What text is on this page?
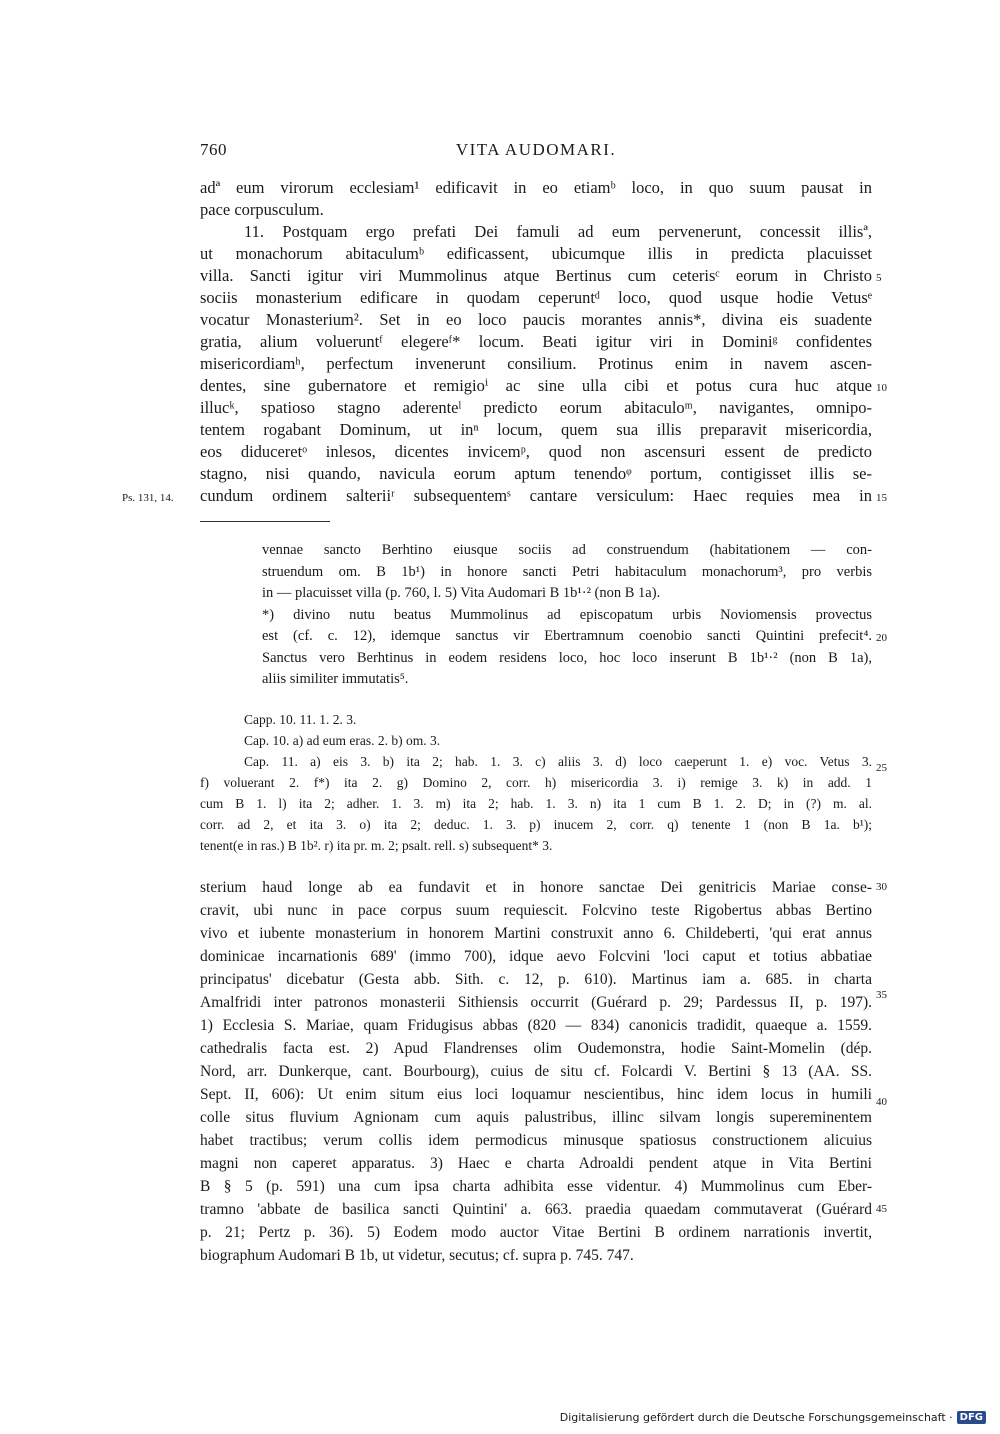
760	VITA AUDOMARI.
adª eum virorum ecclesiam¹ edificavit in eo etiamᵇ loco, in quo suum pausat in
pace corpusculum.
11. Postquam ergo prefati Dei famuli ad eum pervenerunt, concessit illisª,
ut monachorum abitaculumᵇ edificassent, ubicumque illis in predicta placuisset
villa. Sancti igitur viri Mummolinus atque Bertinus cum ceterisᶜ eorum in Christo
sociis monasterium edificare in quodam ceperuntᵈ loco, quod usque hodie Vetusᵉ
vocatur Monasterium². Set in eo loco paucis morantes annis*, divina eis suadente
gratia, alium volueruntᶠ elegereᶠ* locum. Beati igitur viri in Dominiᵍ confidentes
misericordiamʰ, perfectum invenerunt consilium. Protinus enim in navem ascen-
dentes, sine gubernatore et remigioⁱ ac sine ulla cibi et potus cura huc atque
illucᵏ, spatioso stagno aderenteˡ predicto eorum abitaculoᵐ, navigantes, omnipo-
tentem rogabant Dominum, ut inⁿ locum, quem sua illis preparavit misericordia,
eos diduceretᵒ inlesos, dicentes invicemᵖ, quod non ascensuri essent de predicto
stagno, nisi quando, navicula eorum aptum tenendoᵠ portum, contigisset illis se-
cundum ordinem salteriiʳ subsequentemˢ cantare versiculum: Haec requies mea in
5
10
15
Ps. 131, 14.
vennae sancto Berhtino eiusque sociis ad construendum (habitationem — con-
struendum om. B 1b¹) in honore sancti Petri habitaculum monachorum³, pro verbis
in — placuisset villa (p. 760, l. 5) Vita Audomari B 1b¹·² (non B 1a).
*) divino nutu beatus Mummolinus ad episcopatum urbis Noviomensis provectus
est (cf. c. 12), idemque sanctus vir Ebertramnum coenobio sancti Quintini prefecit⁴.
Sanctus vero Berhtinus in eodem residens loco, hoc loco inserunt B 1b¹·² (non B 1a),
aliis similiter immutatis⁵.
20
25
Capp. 10. 11. 1. 2. 3.
Cap. 10. a) ad eum eras. 2. b) om. 3.
Cap. 11. a) eis 3. b) ita 2; hab. 1. 3. c) aliis 3. d) loco caeperunt 1. e) voc. Vetus 3.
f) voluerant 2. f*) ita 2. g) Domino 2, corr. h) misericordia 3. i) remige 3. k) in add. 1
cum B 1. l) ita 2; adher. 1. 3. m) ita 2; hab. 1. 3. n) ita 1 cum B 1. 2. D; in (?) m. al.
corr. ad 2, et ita 3. o) ita 2; deduc. 1. 3. p) inucem 2, corr. q) tenente 1 (non B 1a. b¹);
tenent(e in ras.) B 1b². r) ita pr. m. 2; psalt. rell. s) subsequent* 3.
sterium haud longe ab ea fundavit et in honore sanctae Dei genitricis Mariae conse-
cravit, ubi nunc in pace corpus suum requiescit. Folcvino teste Rigobertus abbas Bertino
vivo et iubente monasterium in honorem Martini construxit anno 6. Childeberti, 'qui erat annus
dominicae incarnationis 689' (immo 700), idque aevo Folcvini 'loci caput et totius abbatiae
principatus' dicebatur (Gesta abb. Sith. c. 12, p. 610). Martinus iam a. 685. in charta
Amalfridi inter patronos monasterii Sithiensis occurrit (Guérard p. 29; Pardessus II, p. 197).
1) Ecclesia S. Mariae, quam Fridugisus abbas (820 — 834) canonicis tradidit, quaeque a. 1559.
cathedralis facta est. 2) Apud Flandrenses olim Oudemonstra, hodie Saint-Momelin (dép.
Nord, arr. Dunkerque, cant. Bourbourg), cuius de situ cf. Folcardi V. Bertini § 13 (AA. SS.
Sept. II, 606): Ut enim situm eius loci loquamur nescientibus, hinc idem locus in humili
colle situs fluvium Agnionam cum aquis palustribus, illinc silvam longis supereminentem
habet tractibus; verum collis idem permodicus minusque spatiosus constructionem alicuius
magni non caperet apparatus. 3) Haec e charta Adroaldi pendent atque in Vita Bertini
B § 5 (p. 591) una cum ipsa charta adhibita esse videntur. 4) Mummolinus cum Eber-
tramno 'abbate de basilica sancti Quintini' a. 663. praedia quaedam commutaverat (Guérard
p. 21; Pertz p. 36). 5) Eodem modo auctor Vitae Bertini B ordinem narrationis invertit,
biographum Audomari B 1b, ut videtur, secutus; cf. supra p. 745. 747.
30
35
40
45
Digitalisierung gefördert durch die Deutsche Forschungsgemeinschaft · DFG
